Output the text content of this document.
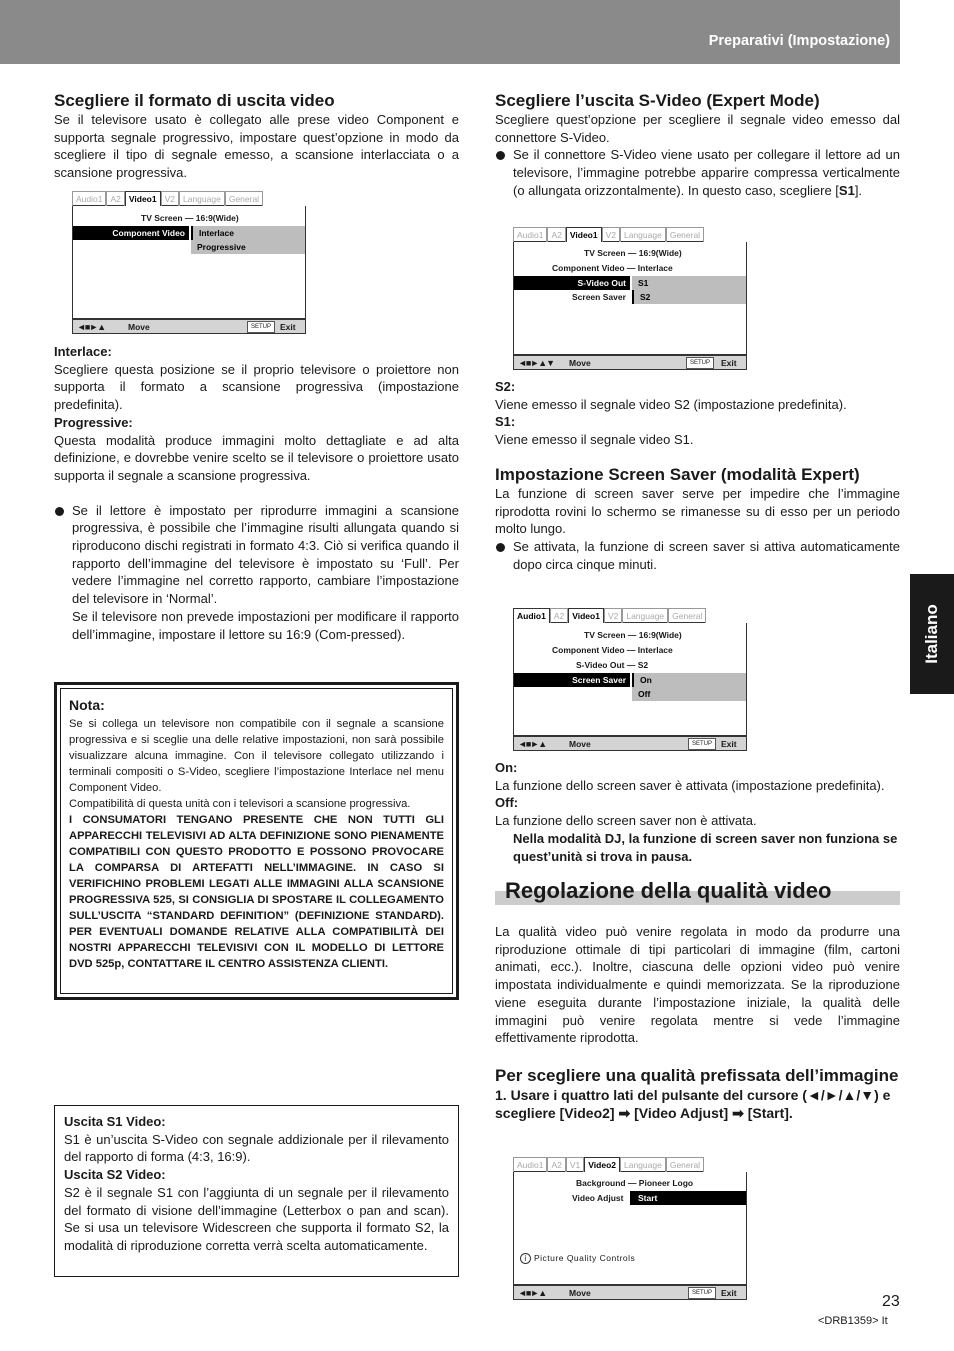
Preparativi (Impostazione)
Italiano
Scegliere il formato di uscita video
Se il televisore usato è collegato alle prese video Component e supporta segnale progressivo, impostare quest’opzione in modo da scegliere il tipo di segnale emesso, a scansione interlacciata o a scansione progressiva.
Audio1 A2 Video1 V2 Language General
TV Screen — 16:9(Wide)
Component Video	Interlace
Progressive
◄■►▲	Move	SETUP	Exit
Interlace:
Scegliere questa posizione se il proprio televisore o proiettore non supporta il formato a scansione progressiva (impostazione predefinita).
Progressive:
Questa modalità produce immagini molto dettagliate e ad alta definizione, e dovrebbe venire scelto se il televisore o proiettore usato supporta il segnale a scansione progressiva.
Se il lettore è impostato per riprodurre immagini a scansione progressiva, è possibile che l’immagine risulti allungata quando si riproducono dischi registrati in formato 4:3. Ciò si verifica quando il rapporto dell’immagine del televisore è impostato su ‘Full’. Per vedere l’immagine nel corretto rapporto, cambiare l’impostazione del televisore in ‘Normal’.
Se il televisore non prevede impostazioni per modificare il rapporto dell’immagine, impostare il lettore su 16:9 (Com-pressed).
Nota:
Se si collega un televisore non compatibile con il segnale a scansione progressiva e si sceglie una delle relative impostazioni, non sarà possibile visualizzare alcuna immagine. Con il televisore collegato utilizzando i terminali compositi o S-Video, scegliere l’impostazione Interlace nel menu Component Video.
Compatibilità di questa unità con i televisori a scansione progressiva.
I CONSUMATORI TENGANO PRESENTE CHE NON TUTTI GLI APPARECCHI TELEVISIVI AD ALTA DEFINIZIONE SONO PIENAMENTE COMPATIBILI CON QUESTO PRODOTTO E POSSONO PROVOCARE LA COMPARSA DI ARTEFATTI NELL’IMMAGINE. IN CASO SI VERIFICHINO PROBLEMI LEGATI ALLE IMMAGINI ALLA SCANSIONE PROGRESSIVA 525, SI CONSIGLIA DI SPOSTARE IL COLLEGAMENTO SULL’USCITA “STANDARD DEFINITION” (DEFINIZIONE STANDARD). PER EVENTUALI DOMANDE RELATIVE ALLA COMPATIBILITÀ DEI NOSTRI APPARECCHI TELEVISIVI CON IL MODELLO DI LETTORE DVD 525p, CONTATTARE IL CENTRO ASSISTENZA CLIENTI.
Uscita S1 Video:
S1 è un’uscita S-Video con segnale addizionale per il rilevamento del rapporto di forma (4:3, 16:9).
Uscita S2 Video:
S2 è il segnale S1 con l’aggiunta di un segnale per il rilevamento del formato di visione dell’immagine (Letterbox o pan and scan). Se si usa un televisore Widescreen che supporta il formato S2, la modalità di riproduzione corretta verrà scelta automaticamente.
Scegliere l’uscita S-Video (Expert Mode)
Scegliere quest’opzione per scegliere il segnale video emesso dal connettore S-Video.
Se il connettore S-Video viene usato per collegare il lettore ad un televisore, l’immagine potrebbe apparire compressa verticalmente (o allungata orizzontalmente). In questo caso, scegliere [S1].
Audio1 A2 Video1 V2 Language General
TV Screen — 16:9(Wide)
Component Video — Interlace
S-Video Out	S1
Screen Saver	S2
◄■►▲▼ Move	SETUP	Exit
S2:
Viene emesso il segnale video S2 (impostazione predefinita).
S1:
Viene emesso il segnale video S1.
Impostazione Screen Saver (modalità Expert)
La funzione di screen saver serve per impedire che l’immagine riprodotta rovini lo schermo se rimanesse su di esso per un periodo molto lungo.
Se attivata, la funzione di screen saver si attiva automaticamente dopo circa cinque minuti.
Audio1 A2 Video1 V2 Language General
TV Screen — 16:9(Wide)
Component Video — Interlace
S-Video Out — S2
Screen Saver	On
Off
◄■►▲	Move	SETUP	Exit
On:
La funzione dello screen saver è attivata (impostazione predefinita).
Off:
La funzione dello screen saver non è attivata.
Nella modalità DJ, la funzione di screen saver non funziona se quest’unità si trova in pausa.
Regolazione della qualità video
La qualità video può venire regolata in modo da produrre una riproduzione ottimale di tipi particolari di immagine (film, cartoni animati, ecc.). Inoltre, ciascuna delle opzioni video può venire impostata individualmente e quindi memorizzata. Se la riproduzione viene eseguita durante l’impostazione iniziale, la qualità delle immagini può venire regolata mentre si vede l’immagine effettivamente riprodotta.
Per scegliere una qualità prefissata dell’immagine
1. Usare i quattro lati del pulsante del cursore (◄/►/▲/▼) e scegliere [Video2] ➡ [Video Adjust] ➡ [Start].
Audio1 A2 V1 Video2 Language General
Background — Pioneer Logo
Video Adjust	Start
i Picture Quality Controls
◄■►▲	Move	SETUP	Exit	23
<DRB1359> It
